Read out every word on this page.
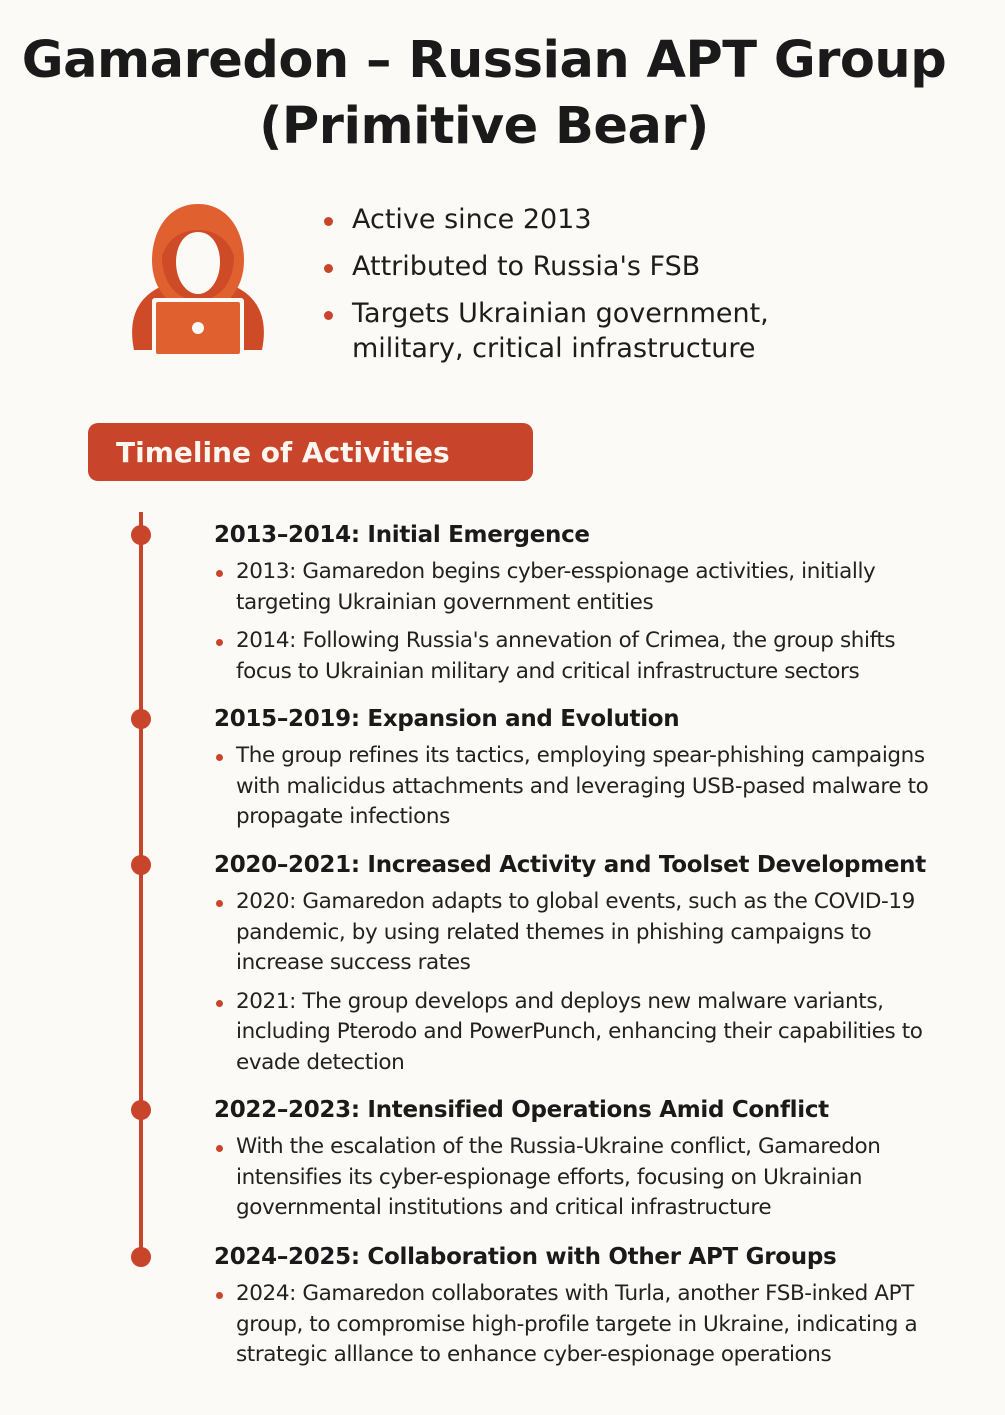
Gamaredon – Russian APT Group (Primitive Bear)
Active since 2013
Attributed to Russia's FSB
Targets Ukrainian government, military, critical infrastructure
Timeline of Activities
2013–2014: Initial Emergence
2013: Gamaredon begins cyber-esspionage activities, initially targeting Ukrainian government entities
2014: Following Russia's annevation of Crimea, the group shifts focus to Ukrainian military and critical infrastructure sectors
2015–2019: Expansion and Evolution
The group refines its tactics, employing spear-phishing campaigns with malicidus attachments and leveraging USB-pased malware to propagate infections
2020–2021: Increased Activity and Toolset Development
2020: Gamaredon adapts to global events, such as the COVID-19 pandemic, by using related themes in phishing campaigns to increase success rates
2021: The group develops and deploys new malware variants, including Pterodo and PowerPunch, enhancing their capabilities to evade detection
2022–2023: Intensified Operations Amid Conflict
With the escalation of the Russia-Ukraine conflict, Gamaredon intensifies its cyber-espionage efforts, focusing on Ukrainian governmental institutions and critical infrastructure
2024–2025: Collaboration with Other APT Groups
2024: Gamaredon collaborates with Turla, another FSB-inked APT group, to compromise high-profile targete in Ukraine, indicating a strategic alllance to enhance cyber-espionage operations
